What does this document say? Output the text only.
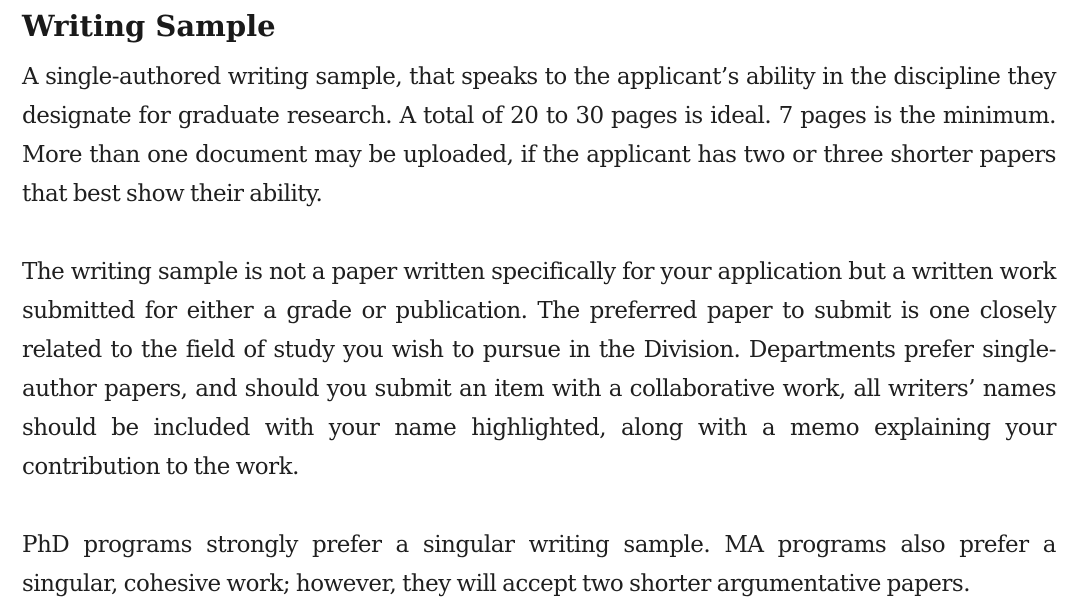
Writing Sample

A single-authored writing sample, that speaks to the applicant’s ability in the discipline they designate for graduate research. A total of 20 to 30 pages is ideal. 7 pages is the minimum. More than one document may be uploaded, if the applicant has two or three shorter papers that best show their ability.

The writing sample is not a paper written specifically for your application but a written work submitted for either a grade or publication. The preferred paper to submit is one closely related to the field of study you wish to pursue in the Division. Departments prefer single-author papers, and should you submit an item with a collaborative work, all writers’ names should be included with your name highlighted, along with a memo explaining your contribution to the work.

PhD programs strongly prefer a singular writing sample. MA programs also prefer a singular, cohesive work; however, they will accept two shorter argumentative papers.
